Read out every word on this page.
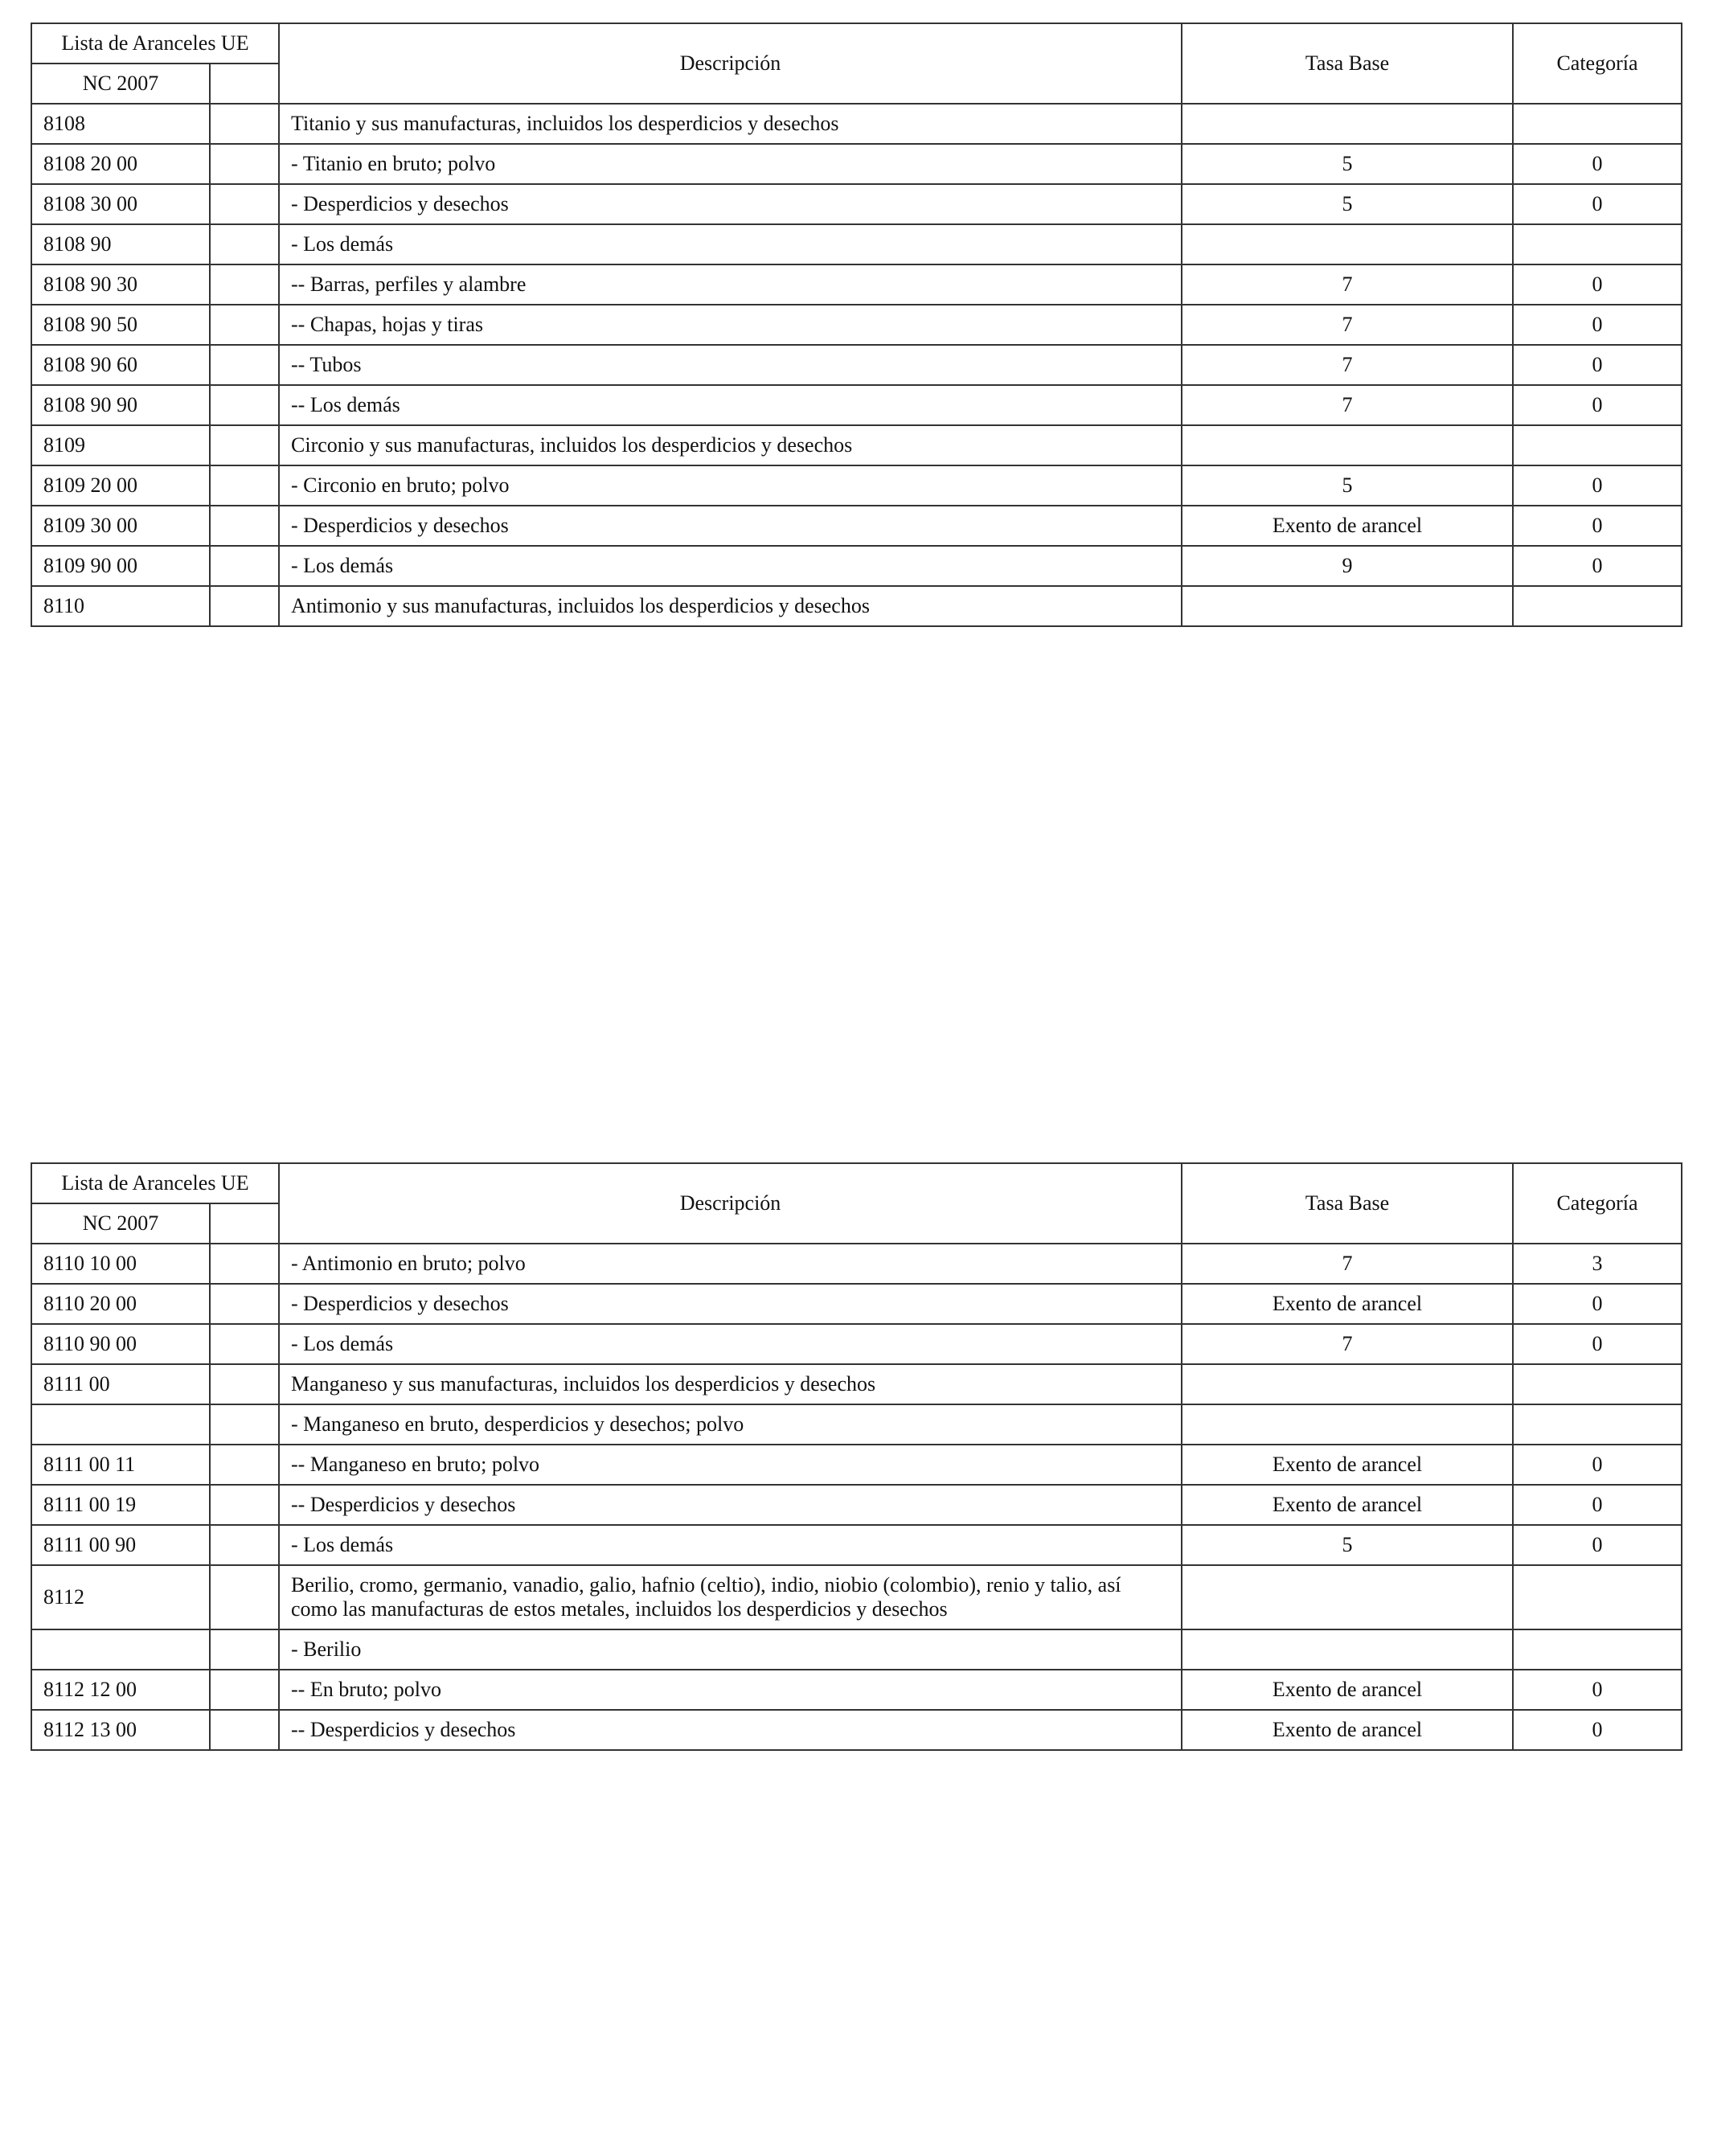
Lista de Aranceles UE		Descripción	Tasa Base	Categoría
NC 2007				
8108		Titanio y sus manufacturas, incluidos los desperdicios y desechos		
8108 20 00		- Titanio en bruto; polvo	5	0
8108 30 00		- Desperdicios y desechos	5	0
8108 90		- Los demás		
8108 90 30		-- Barras, perfiles y alambre	7	0
8108 90 50		-- Chapas, hojas y tiras	7	0
8108 90 60		-- Tubos	7	0
8108 90 90		-- Los demás	7	0
8109		Circonio y sus manufacturas, incluidos los desperdicios y desechos		
8109 20 00		- Circonio en bruto; polvo	5	0
8109 30 00		- Desperdicios y desechos	Exento de arancel	0
8109 90 00		- Los demás	9	0
8110		Antimonio y sus manufacturas, incluidos los desperdicios y desechos		
Lista de Aranceles UE		Descripción	Tasa Base	Categoría
NC 2007				
8110 10 00		- Antimonio en bruto; polvo	7	3
8110 20 00		- Desperdicios y desechos	Exento de arancel	0
8110 90 00		- Los demás	7	0
8111 00		Manganeso y sus manufacturas, incluidos los desperdicios y desechos		
		- Manganeso en bruto, desperdicios y desechos; polvo		
8111 00 11		-- Manganeso en bruto; polvo	Exento de arancel	0
8111 00 19		-- Desperdicios y desechos	Exento de arancel	0
8111 00 90		- Los demás	5	0
8112		Berilio, cromo, germanio, vanadio, galio, hafnio (celtio), indio, niobio (colombio), renio y talio, así como las manufacturas de estos metales, incluidos los desperdicios y desechos		
		- Berilio		
8112 12 00		-- En bruto; polvo	Exento de arancel	0
8112 13 00		-- Desperdicios y desechos	Exento de arancel	0
